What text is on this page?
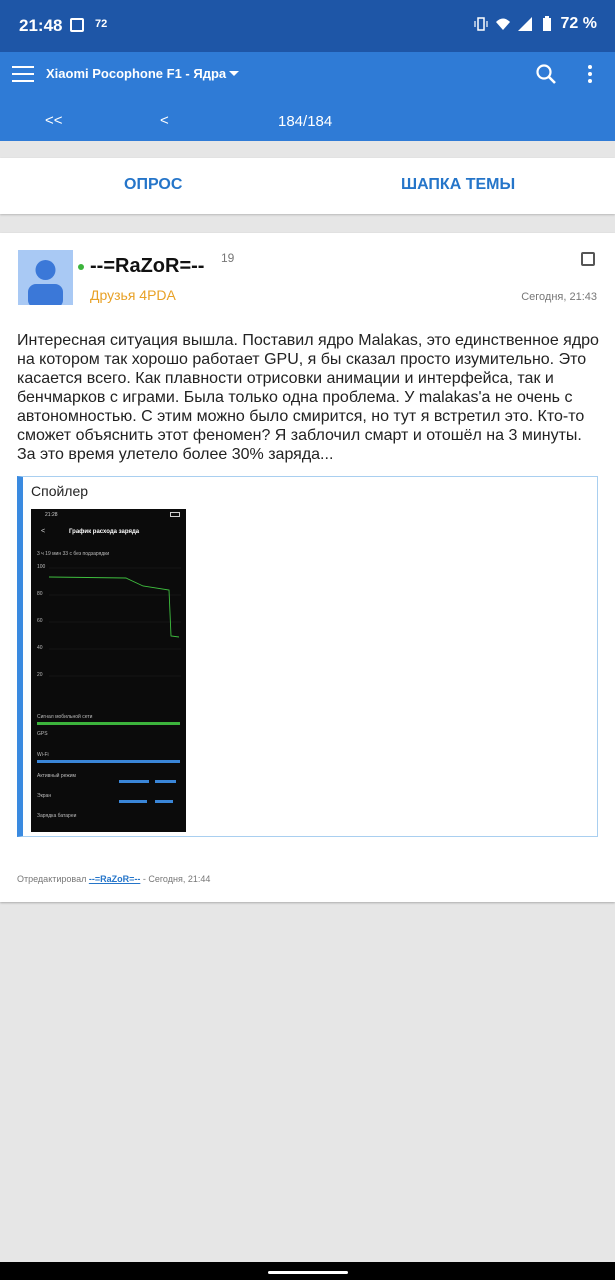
21:48	72	72 %
Xiaomi Pocophone F1 - Ядра
<<	<	184/184
ОПРОС	ШАПКА ТЕМЫ
--=RaZoR=-- 19
Друзья 4PDA	Сегодня, 21:43
Интересная ситуация вышла. Поставил ядро Malakas, это единственное ядро на котором так хорошо работает GPU, я бы сказал просто изумительно. Это касается всего. Как плавности отрисовки анимации и интерфейса, так и бенчмарков с играми. Была только одна проблема. У malakas'a не очень с автономностью. С этим можно было смирится, но тут я встретил это. Кто-то сможет объяснить этот феномен? Я заблочил смарт и отошёл на 3 минуты. За это время улетело более 30% заряда...
Спойлер
21:28
<	График расхода заряда
3 ч 19 мин 33 с без подзарядки
100
80
60
40
20
Сигнал мобильной сети
GPS
Wi-Fi
Активный режим
Экран
Зарядка батареи
Отредактировал --=RaZoR=-- - Сегодня, 21:44
